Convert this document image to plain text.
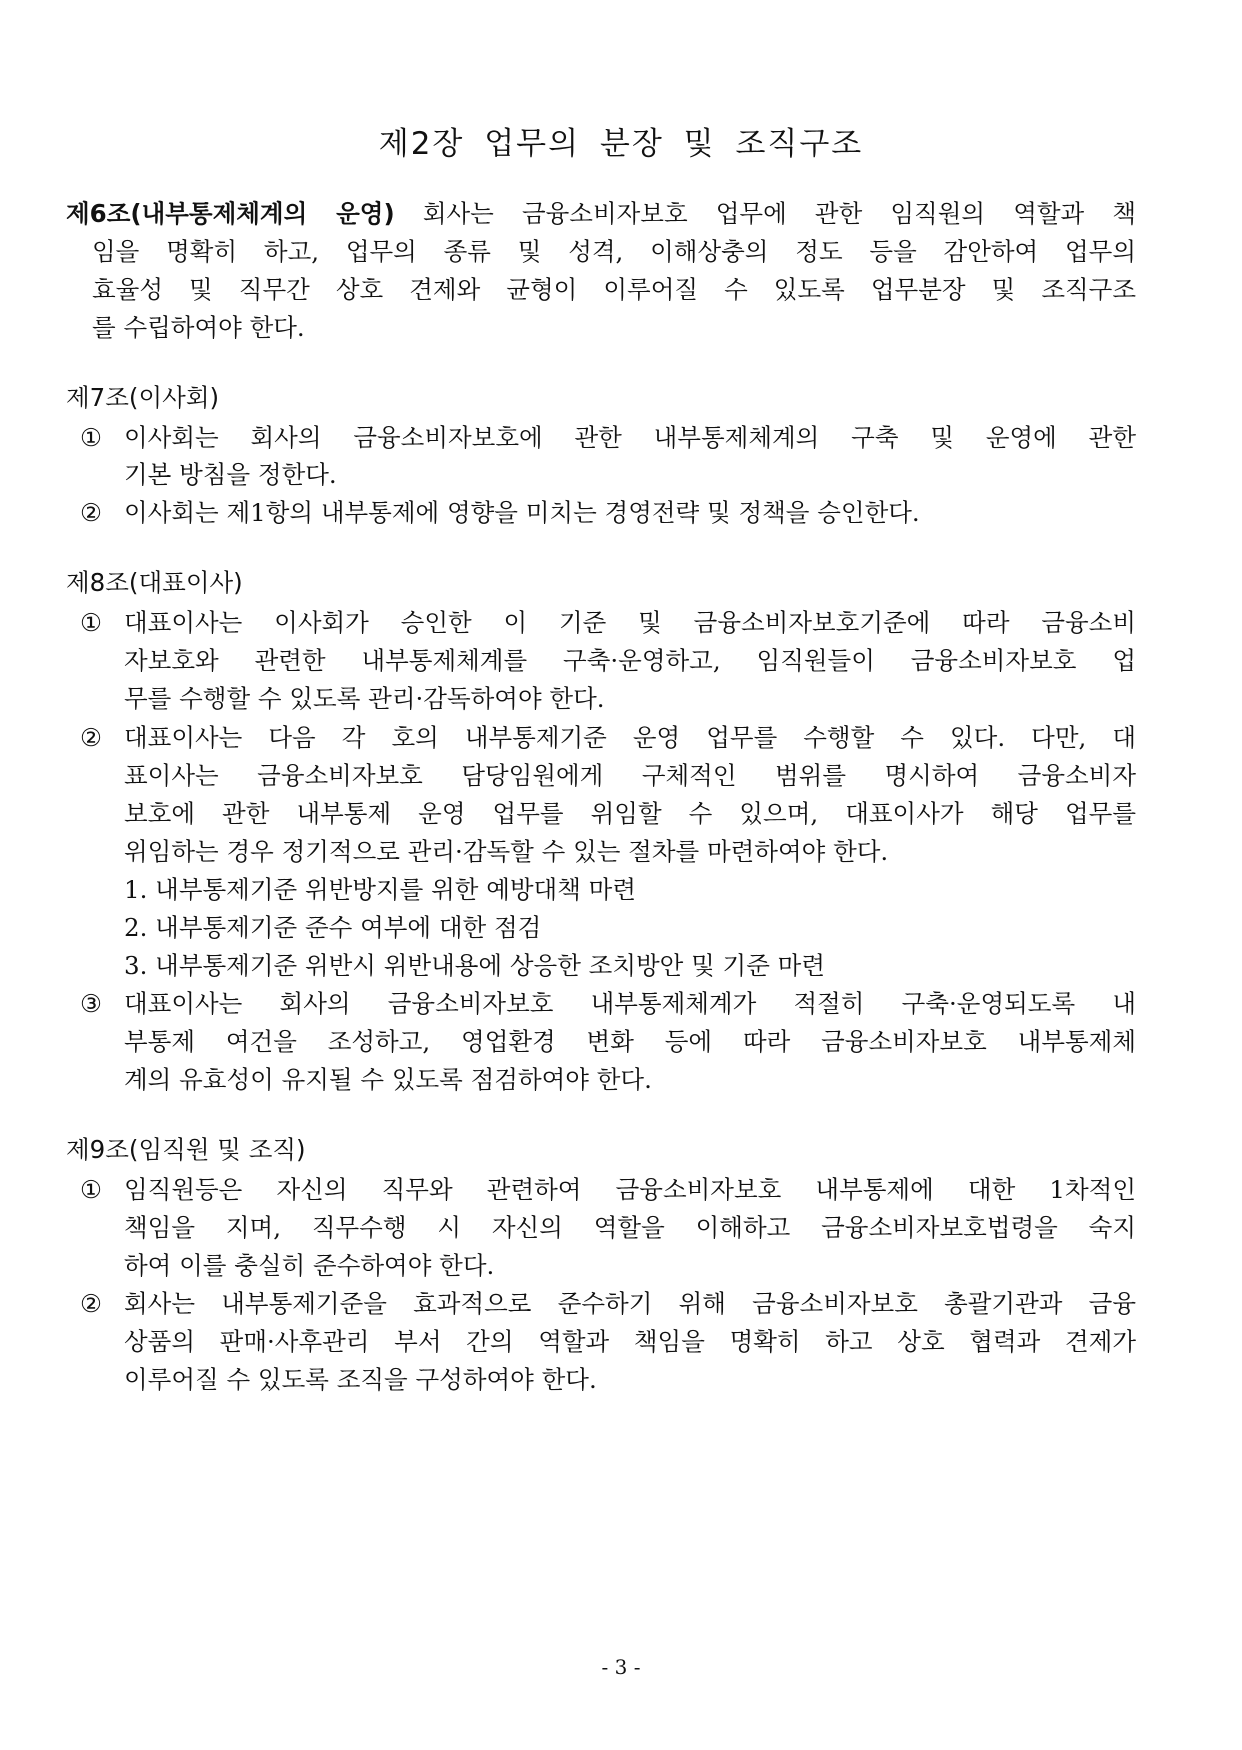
제2장 업무의 분장 및 조직구조
제6조(내부통제체계의 운영) 회사는 금융소비자보호 업무에 관한 임직원의 역할과 책
임을 명확히 하고, 업무의 종류 및 성격, 이해상충의 정도 등을 감안하여 업무의
효율성 및 직무간 상호 견제와 균형이 이루어질 수 있도록 업무분장 및 조직구조
를 수립하여야 한다.
제7조(이사회)
① 이사회는 회사의 금융소비자보호에 관한 내부통제체계의 구축 및 운영에 관한
기본 방침을 정한다.
② 이사회는 제1항의 내부통제에 영향을 미치는 경영전략 및 정책을 승인한다.
제8조(대표이사)
① 대표이사는 이사회가 승인한 이 기준 및 금융소비자보호기준에 따라 금융소비
자보호와 관련한 내부통제체계를 구축·운영하고, 임직원들이 금융소비자보호 업
무를 수행할 수 있도록 관리·감독하여야 한다.
② 대표이사는 다음 각 호의 내부통제기준 운영 업무를 수행할 수 있다. 다만, 대
표이사는 금융소비자보호 담당임원에게 구체적인 범위를 명시하여 금융소비자
보호에 관한 내부통제 운영 업무를 위임할 수 있으며, 대표이사가 해당 업무를
위임하는 경우 정기적으로 관리·감독할 수 있는 절차를 마련하여야 한다.
1. 내부통제기준 위반방지를 위한 예방대책 마련
2. 내부통제기준 준수 여부에 대한 점검
3. 내부통제기준 위반시 위반내용에 상응한 조치방안 및 기준 마련
③ 대표이사는 회사의 금융소비자보호 내부통제체계가 적절히 구축·운영되도록 내
부통제 여건을 조성하고, 영업환경 변화 등에 따라 금융소비자보호 내부통제체
계의 유효성이 유지될 수 있도록 점검하여야 한다.
제9조(임직원 및 조직)
① 임직원등은 자신의 직무와 관련하여 금융소비자보호 내부통제에 대한 1차적인
책임을 지며, 직무수행 시 자신의 역할을 이해하고 금융소비자보호법령을 숙지
하여 이를 충실히 준수하여야 한다.
② 회사는 내부통제기준을 효과적으로 준수하기 위해 금융소비자보호 총괄기관과 금융
상품의 판매·사후관리 부서 간의 역할과 책임을 명확히 하고 상호 협력과 견제가
이루어질 수 있도록 조직을 구성하여야 한다.
- 3 -
